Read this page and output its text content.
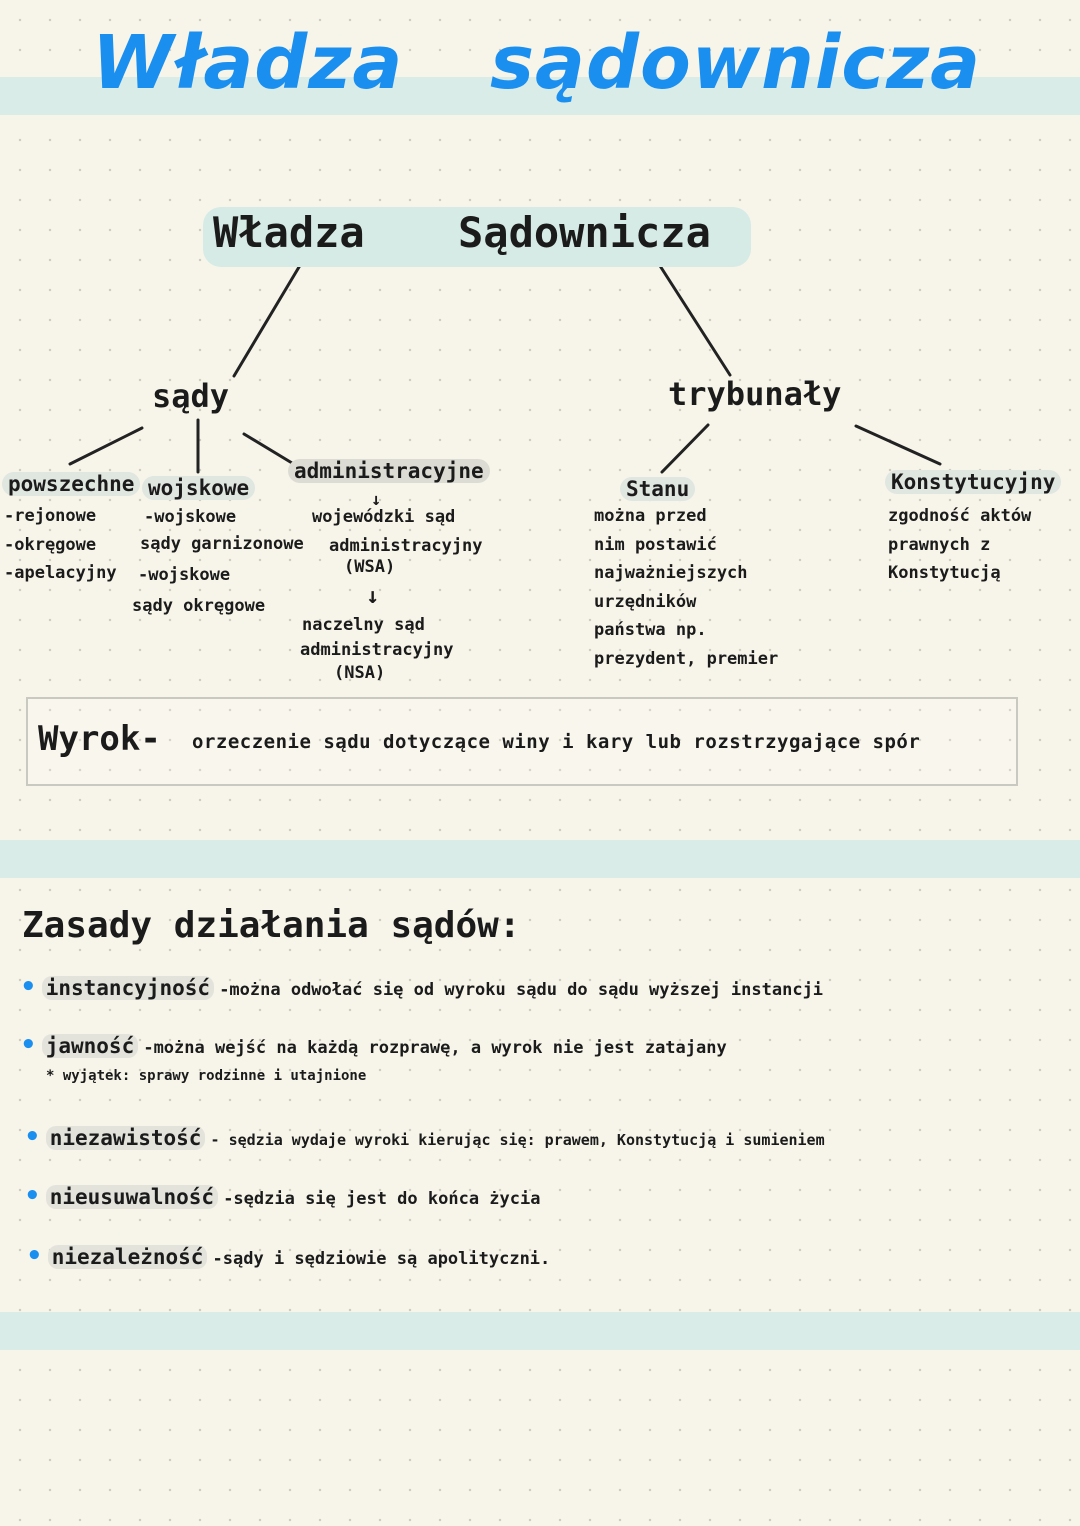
Władza sądownicza
Władza Sądownicza
sądy	trybunały
powszechne
-rejonowe
-okręgowe
-apelacyjny
wojskowe
-wojskowe
sądy garnizonowe
-wojskowe
sądy okręgowe
administracyjne
↓
wojewódzki sąd
administracyjny
(WSA)
↓
naczelny sąd
administracyjny
(NSA)
Stanu
można przed
nim postawić
najważniejszych
urzędników
państwa np.
prezydent, premier
Konstytucyjny
zgodność aktów
prawnych z
Konstytucją
Wyrok- orzeczenie sądu dotyczące winy i kary lub rozstrzygające spór
Zasady działania sądów:
• instancyjność -można odwołać się od wyroku sądu do sądu wyższej instancji
• jawność -można wejść na każdą rozprawę, a wyrok nie jest zatajany
* wyjątek: sprawy rodzinne i utajnione
• niezawistość - sędzia wydaje wyroki kierując się: prawem, Konstytucją i sumieniem
• nieusuwalność -sędzia się jest do końca życia
• niezależność -sądy i sędziowie są apolityczni.
